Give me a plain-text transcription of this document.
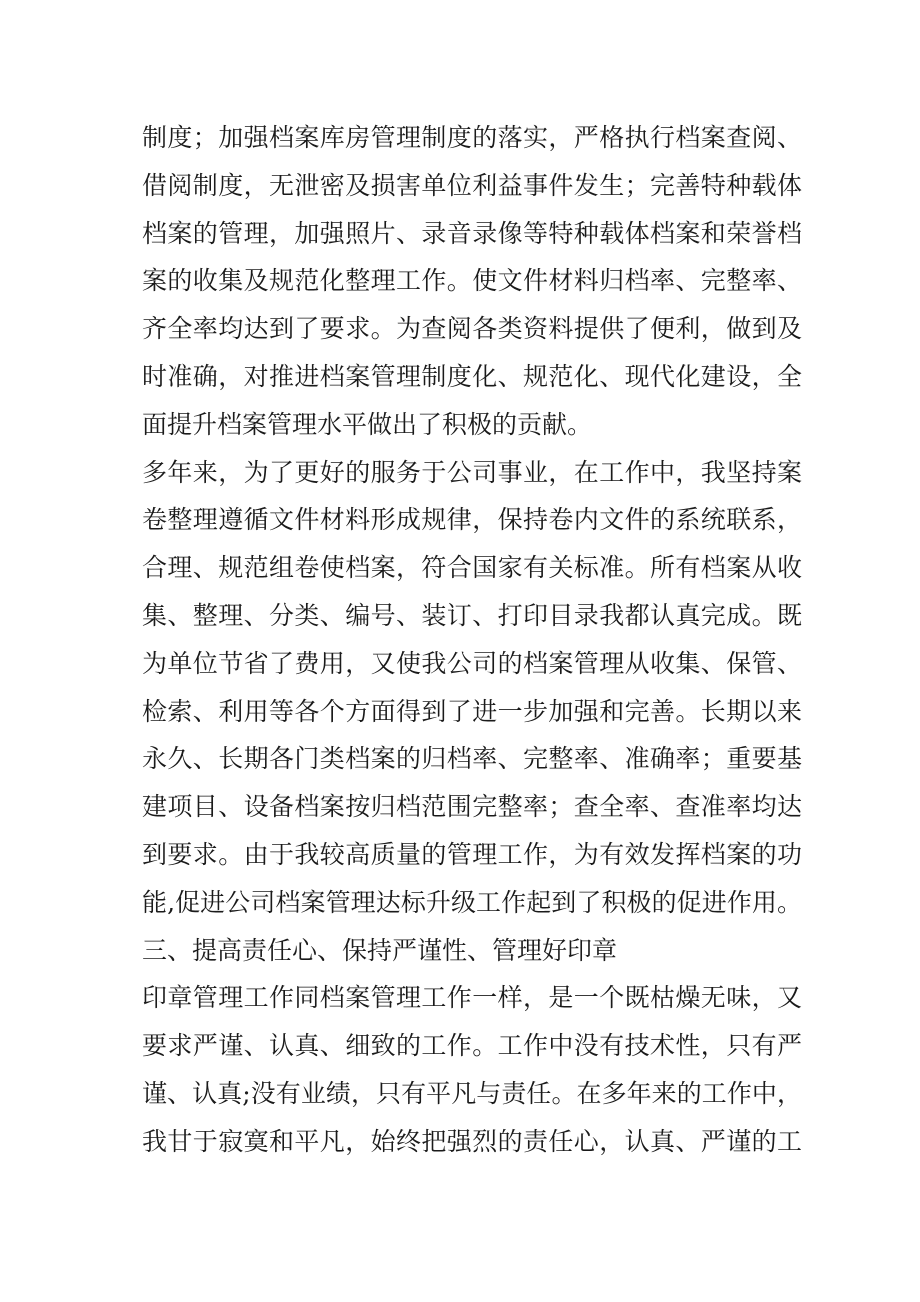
制度；加强档案库房管理制度的落实，严格执行档案查阅、
借阅制度，无泄密及损害单位利益事件发生；完善特种载体
档案的管理，加强照片、录音录像等特种载体档案和荣誉档
案的收集及规范化整理工作。使文件材料归档率、完整率、
齐全率均达到了要求。为查阅各类资料提供了便利，做到及
时准确，对推进档案管理制度化、规范化、现代化建设，全
面提升档案管理水平做出了积极的贡献。
多年来，为了更好的服务于公司事业，在工作中，我坚持案
卷整理遵循文件材料形成规律，保持卷内文件的系统联系，
合理、规范组卷使档案，符合国家有关标准。所有档案从收
集、整理、分类、编号、装订、打印目录我都认真完成。既
为单位节省了费用，又使我公司的档案管理从收集、保管、
检索、利用等各个方面得到了进一步加强和完善。长期以来
永久、长期各门类档案的归档率、完整率、准确率；重要基
建项目、设备档案按归档范围完整率；查全率、查准率均达
到要求。由于我较高质量的管理工作，为有效发挥档案的功
能,促进公司档案管理达标升级工作起到了积极的促进作用。
三、提高责任心、保持严谨性、管理好印章
印章管理工作同档案管理工作一样，是一个既枯燥无味，又
要求严谨、认真、细致的工作。工作中没有技术性，只有严
谨、认真;没有业绩，只有平凡与责任。在多年来的工作中，
我甘于寂寞和平凡，始终把强烈的责任心，认真、严谨的工
